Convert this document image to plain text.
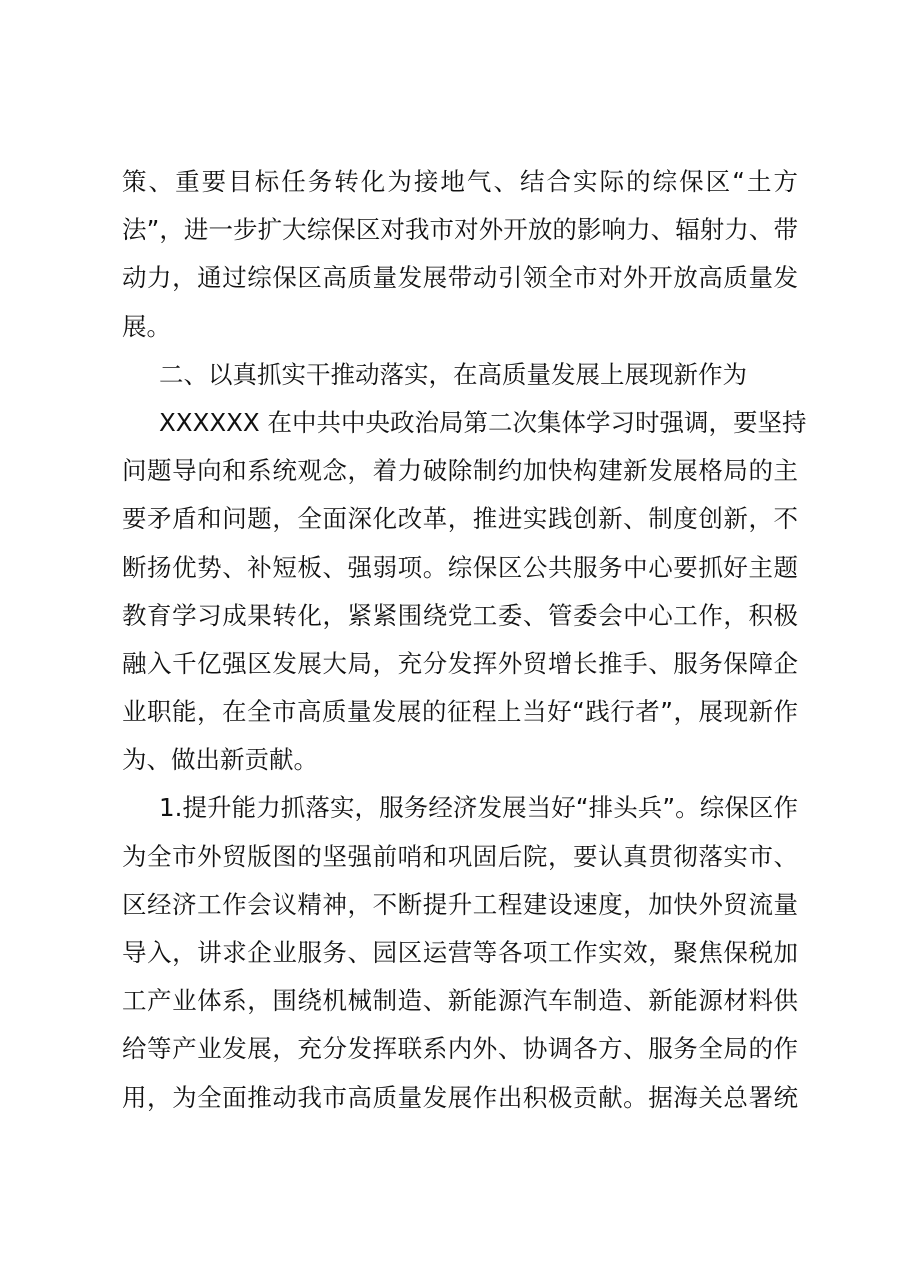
策、重要目标任务转化为接地气、结合实际的综保区“土方
法”，进一步扩大综保区对我市对外开放的影响力、辐射力、带
动力，通过综保区高质量发展带动引领全市对外开放高质量发
展。
二、以真抓实干推动落实，在高质量发展上展现新作为
XXXXXX 在中共中央政治局第二次集体学习时强调，要坚持
问题导向和系统观念，着力破除制约加快构建新发展格局的主
要矛盾和问题，全面深化改革，推进实践创新、制度创新，不
断扬优势、补短板、强弱项。综保区公共服务中心要抓好主题
教育学习成果转化，紧紧围绕党工委、管委会中心工作，积极
融入千亿强区发展大局，充分发挥外贸增长推手、服务保障企
业职能，在全市高质量发展的征程上当好“践行者”，展现新作
为、做出新贡献。
1.提升能力抓落实，服务经济发展当好“排头兵”。综保区作
为全市外贸版图的坚强前哨和巩固后院，要认真贯彻落实市、
区经济工作会议精神，不断提升工程建设速度，加快外贸流量
导入，讲求企业服务、园区运营等各项工作实效，聚焦保税加
工产业体系，围绕机械制造、新能源汽车制造、新能源材料供
给等产业发展，充分发挥联系内外、协调各方、服务全局的作
用，为全面推动我市高质量发展作出积极贡献。据海关总署统
